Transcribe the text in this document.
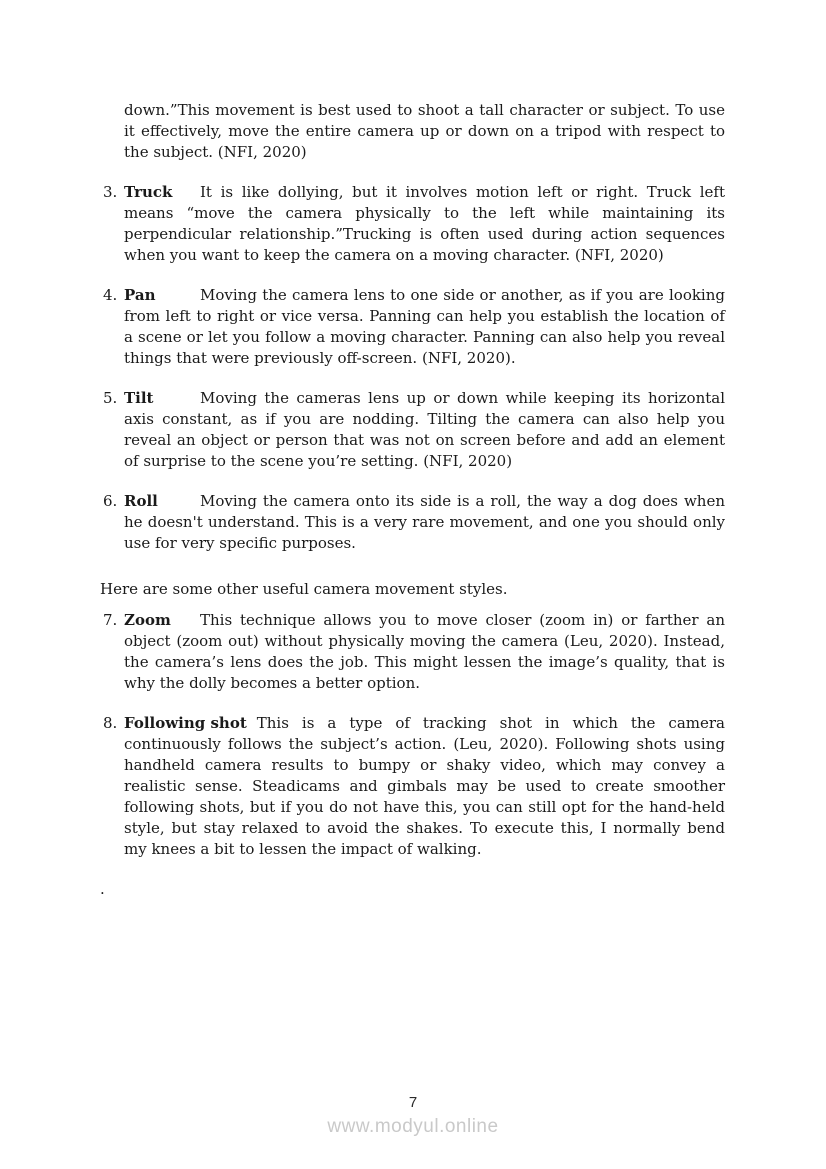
down.”This movement is best used to shoot a tall character or subject. To use it effectively, move the entire camera up or down on a tripod with respect to the subject. (NFI, 2020)

3. Truck It is like dollying, but it involves motion left or right. Truck left means “move the camera physically to the left while maintaining its perpendicular relationship.”Trucking is often used during action sequences when you want to keep the camera on a moving character. (NFI, 2020)

4. Pan	Moving the camera lens to one side or another, as if you are looking from left to right or vice versa. Panning can help you establish the location of a scene or let you follow a moving character. Panning can also help you reveal things that were previously off-screen. (NFI, 2020).

5. Tilt	Moving the cameras lens up or down while keeping its horizontal axis constant, as if you are nodding. Tilting the camera can also help you reveal an object or person that was not on screen before and add an element of surprise to the scene you’re setting. (NFI, 2020)

6. Roll	Moving the camera onto its side is a roll, the way a dog does when he doesn't understand. This is a very rare movement, and one you should only use for very specific purposes.

Here are some other useful camera movement styles.

7. Zoom This technique allows you to move closer (zoom in) or farther an object (zoom out) without physically moving the camera (Leu, 2020). Instead, the camera’s lens does the job. This might lessen the image’s quality, that is why the dolly becomes a better option.

8. Following shot This is a type of tracking shot in which the camera continuously follows the subject’s action. (Leu, 2020). Following shots using handheld camera results to bumpy or shaky video, which may convey a realistic sense. Steadicams and gimbals may be used to create smoother following shots, but if you do not have this, you can still opt for the hand-held style, but stay relaxed to avoid the shakes. To execute this, I normally bend my knees a bit to lessen the impact of walking.

.

7
www.modyul.online
